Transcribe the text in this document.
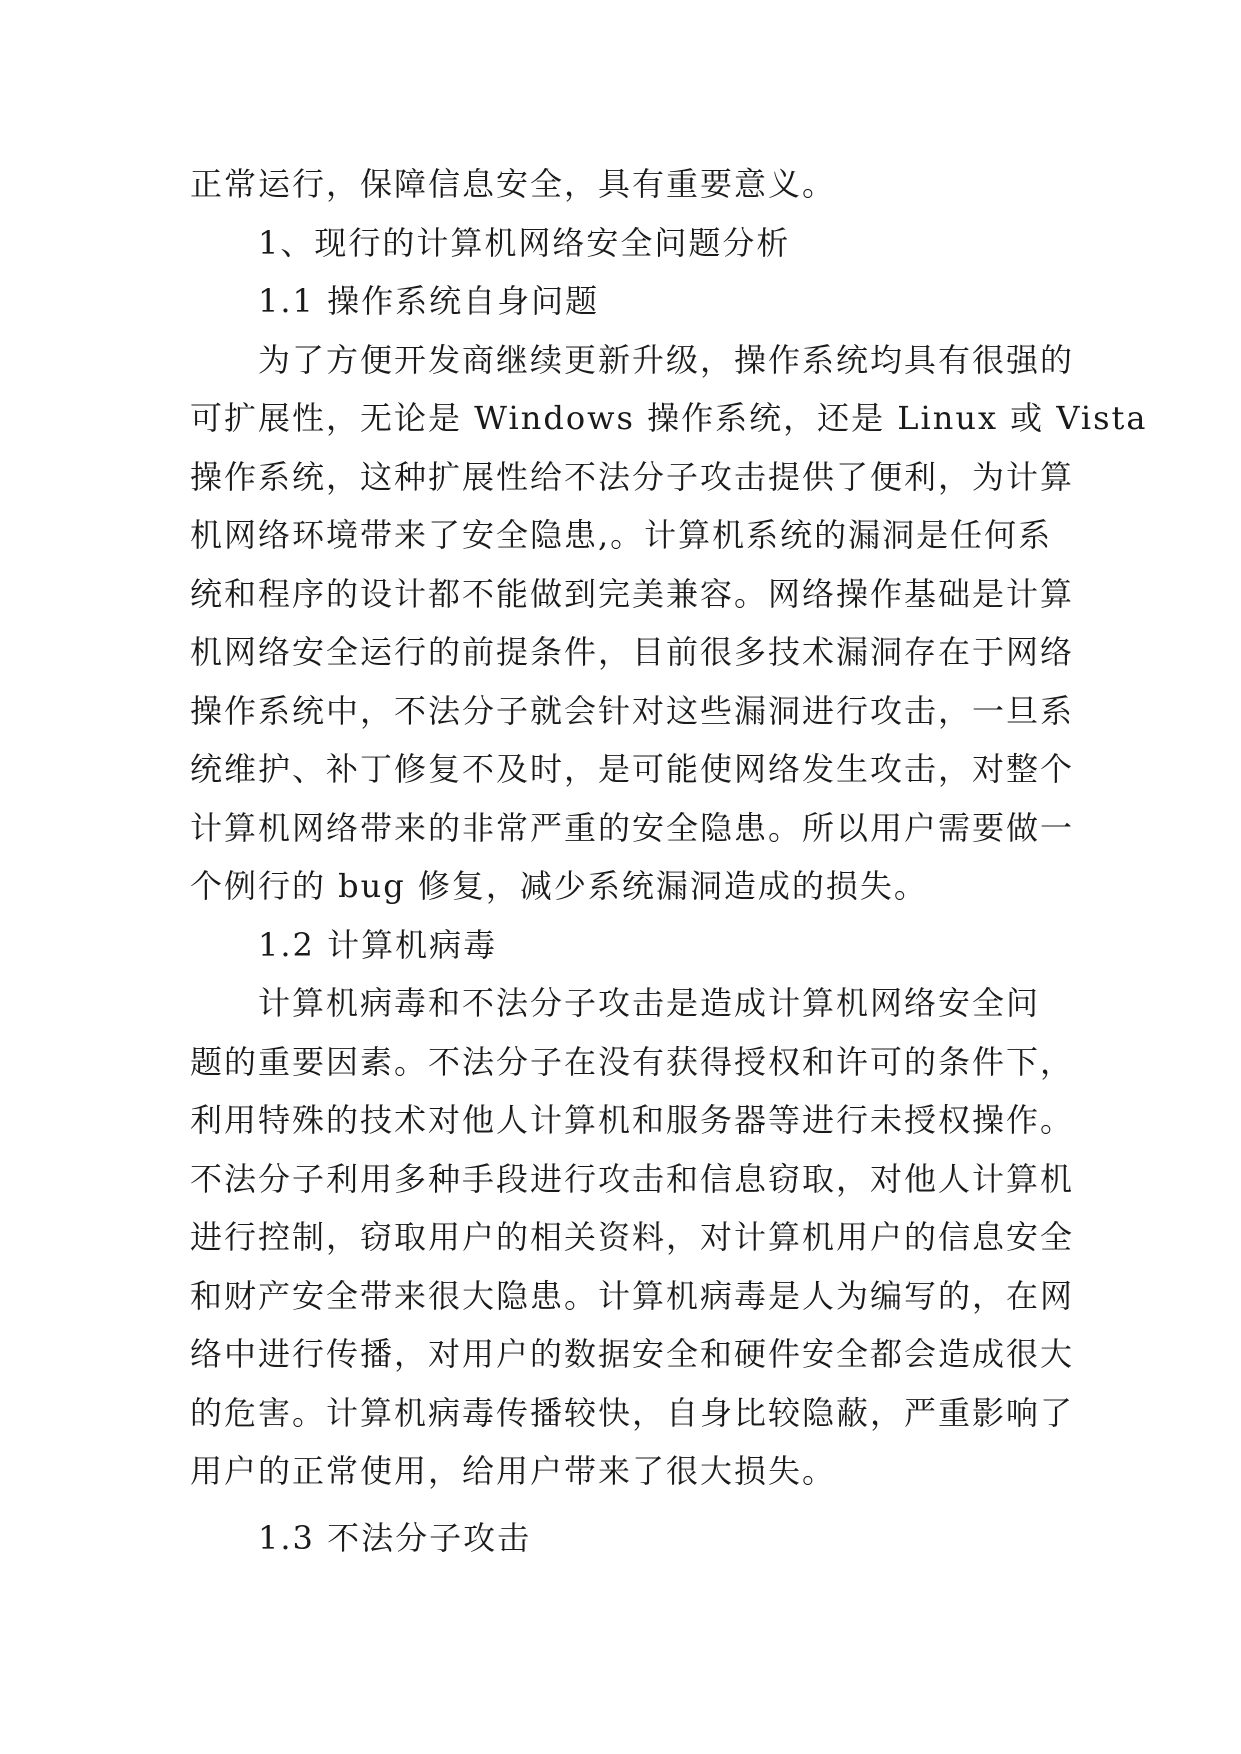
正常运行，保障信息安全，具有重要意义。
1、现行的计算机网络安全问题分析
1.1 操作系统自身问题
为了方便开发商继续更新升级，操作系统均具有很强的
可扩展性，无论是 Windows 操作系统，还是 Linux 或 Vista
操作系统，这种扩展性给不法分子攻击提供了便利，为计算
机网络环境带来了安全隐患,。计算机系统的漏洞是任何系
统和程序的设计都不能做到完美兼容。网络操作基础是计算
机网络安全运行的前提条件，目前很多技术漏洞存在于网络
操作系统中，不法分子就会针对这些漏洞进行攻击，一旦系
统维护、补丁修复不及时，是可能使网络发生攻击，对整个
计算机网络带来的非常严重的安全隐患。所以用户需要做一
个例行的 bug 修复，减少系统漏洞造成的损失。
1.2 计算机病毒
计算机病毒和不法分子攻击是造成计算机网络安全问
题的重要因素。不法分子在没有获得授权和许可的条件下，
利用特殊的技术对他人计算机和服务器等进行未授权操作。
不法分子利用多种手段进行攻击和信息窃取，对他人计算机
进行控制，窃取用户的相关资料，对计算机用户的信息安全
和财产安全带来很大隐患。计算机病毒是人为编写的，在网
络中进行传播，对用户的数据安全和硬件安全都会造成很大
的危害。计算机病毒传播较快，自身比较隐蔽，严重影响了
用户的正常使用，给用户带来了很大损失。
1.3 不法分子攻击
